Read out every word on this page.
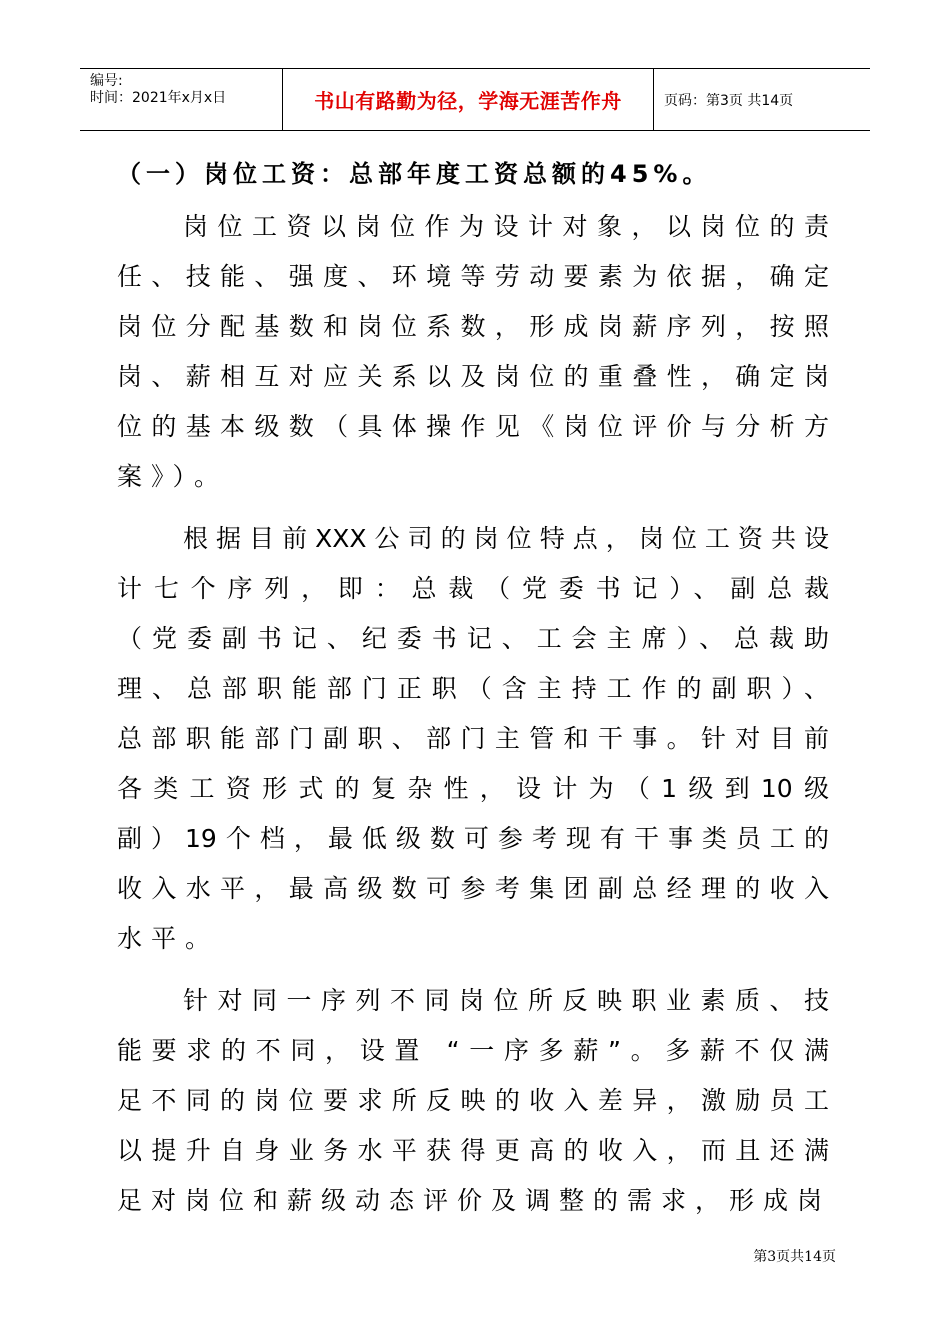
编号:
时间：2021年x月x日	书山有路勤为径，学海无涯苦作舟	页码：第3页 共14页
（一）岗位工资：总部年度工资总额的45%。
岗位工资以岗位作为设计对象，以岗位的责
任、技能、强度、环境等劳动要素为依据，确定
岗位分配基数和岗位系数，形成岗薪序列，按照
岗、薪相互对应关系以及岗位的重叠性，确定岗
位的基本级数（具体操作见《岗位评价与分析方
案》）。
根据目前XXX公司的岗位特点，岗位工资共设
计七个序列，即：总裁（党委书记）、副总裁
（党委副书记、纪委书记、工会主席）、总裁助
理、总部职能部门正职（含主持工作的副职）、
总部职能部门副职、部门主管和干事。针对目前
各类工资形式的复杂性，设计为（1级到10级
副）19个档，最低级数可参考现有干事类员工的
收入水平，最高级数可参考集团副总经理的收入
水平。
针对同一序列不同岗位所反映职业素质、技
能要求的不同，设置 “一序多薪”。多薪不仅满
足不同的岗位要求所反映的收入差异，激励员工
以提升自身业务水平获得更高的收入，而且还满
足对岗位和薪级动态评价及调整的需求，形成岗
第3页共14页
